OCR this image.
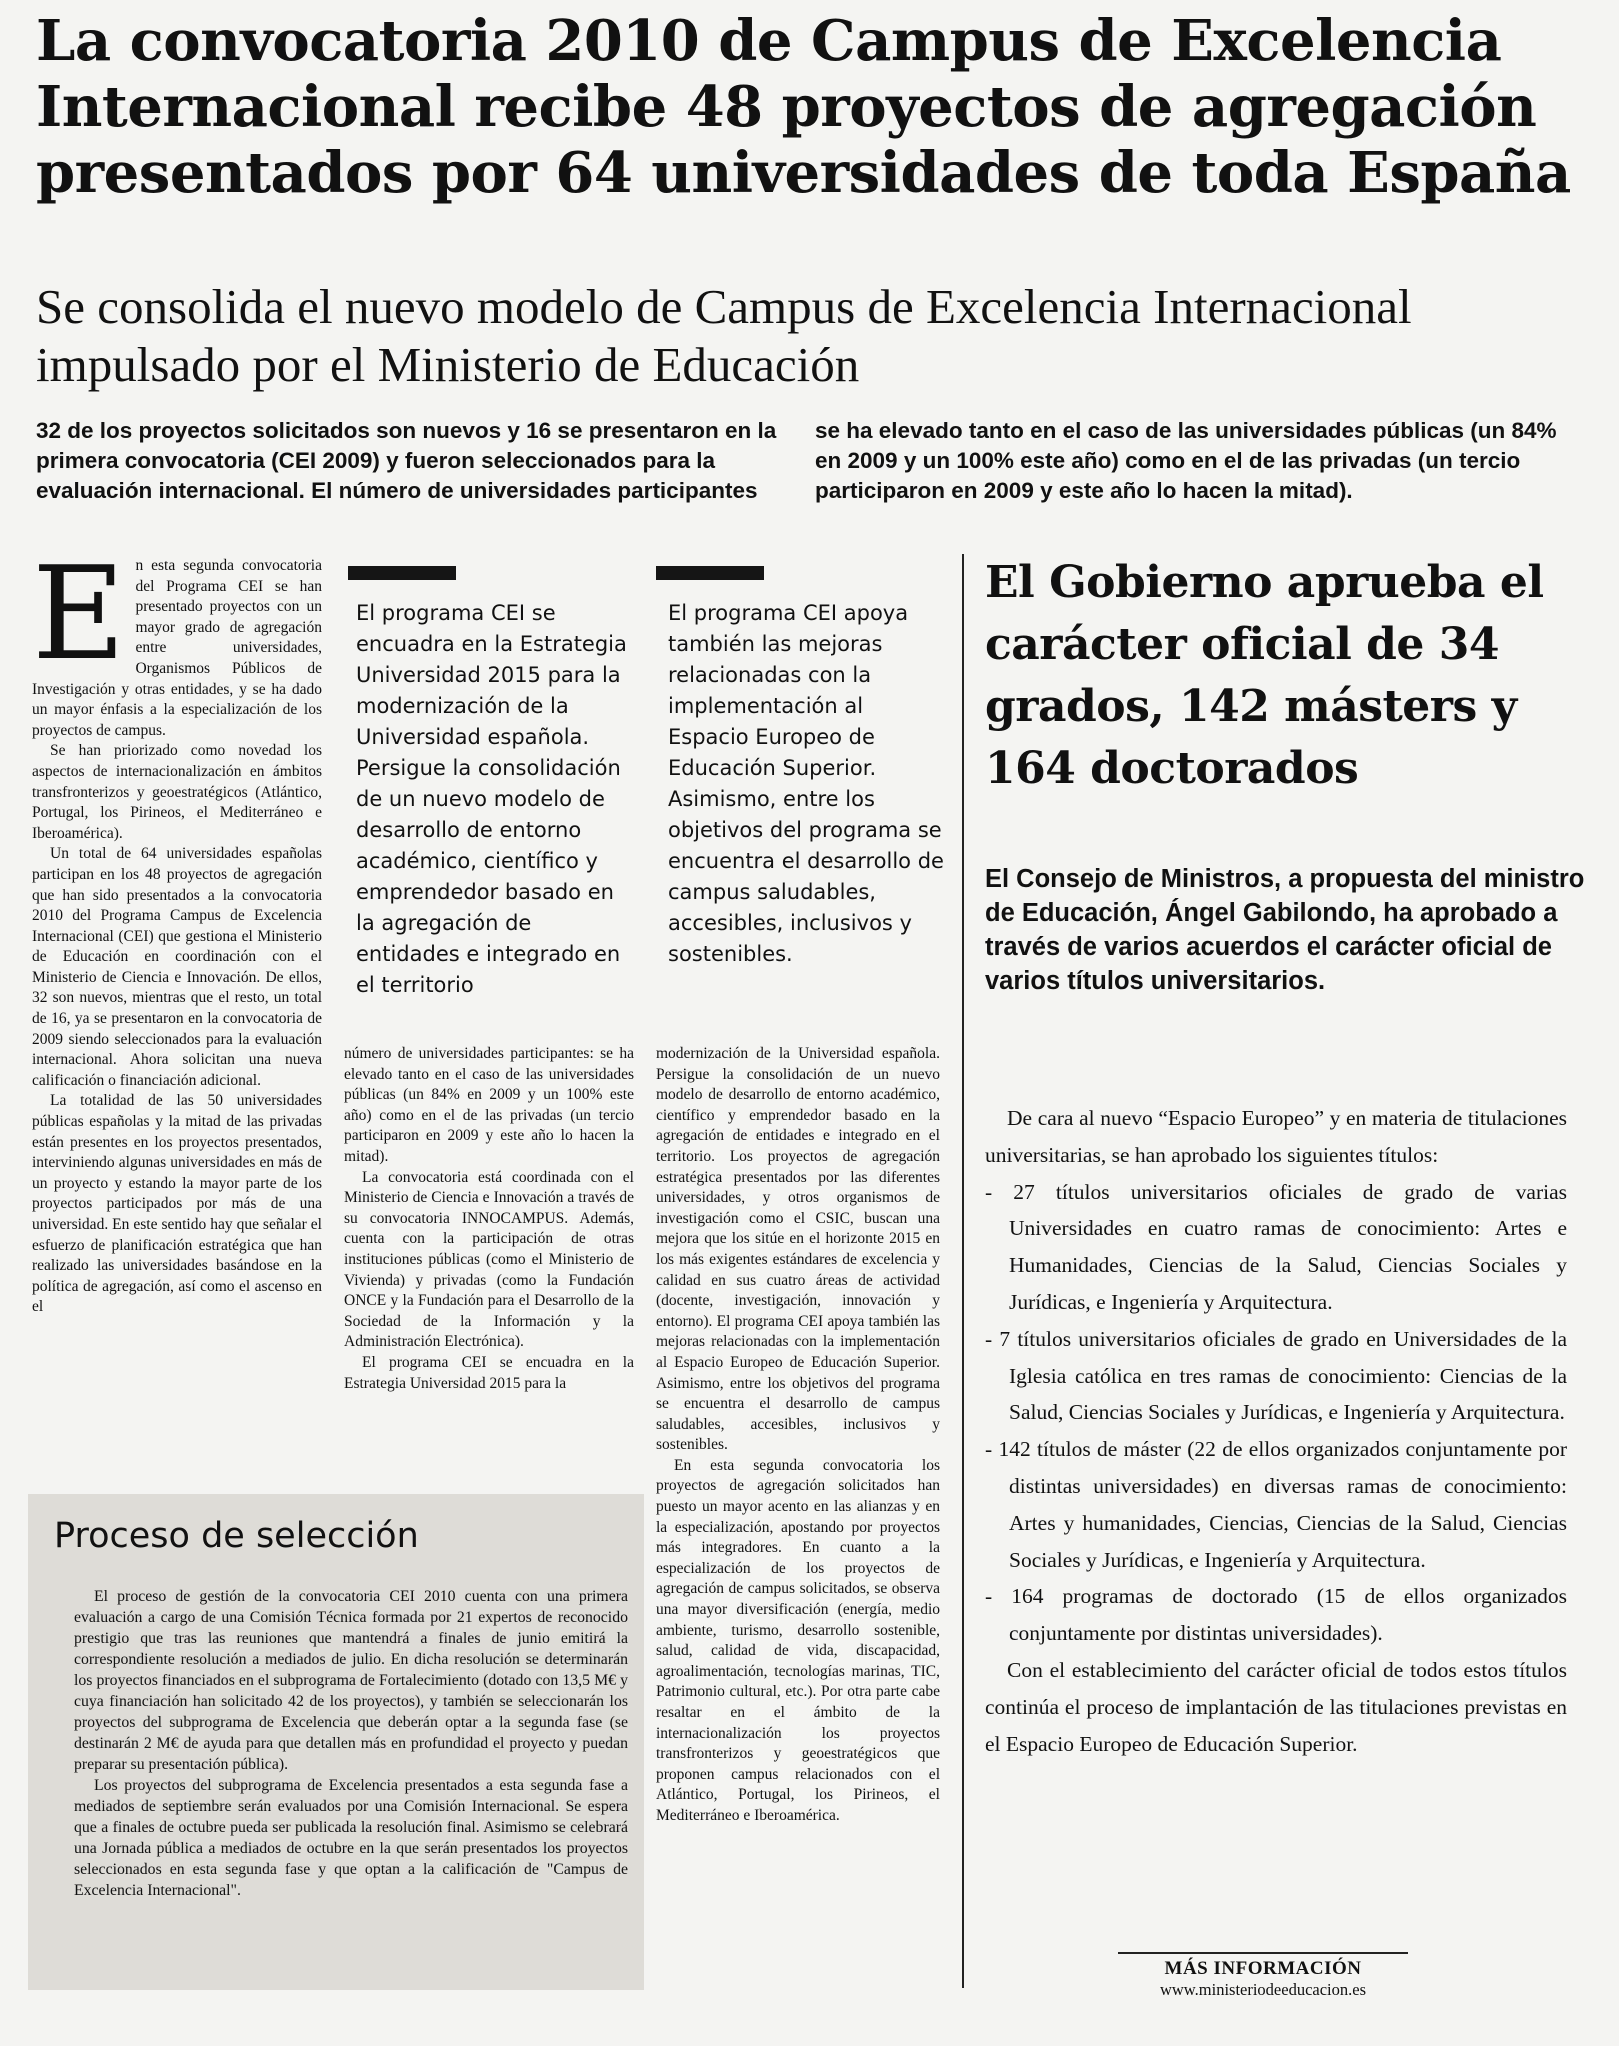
La convocatoria 2010 de Campus de Excelencia Internacional recibe 48 proyectos de agregación presentados por 64 universidades de toda España
Se consolida el nuevo modelo de Campus de Excelencia Internacional impulsado por el Ministerio de Educación

32 de los proyectos solicitados son nuevos y 16 se presentaron en la primera convocatoria (CEI 2009) y fueron seleccionados para la evaluación internacional. El número de universidades participantes

se ha elevado tanto en el caso de las universidades públicas (un 84% en 2009 y un 100% este año) como en el de las privadas (un tercio participaron en 2009 y este año lo hacen la mitad).

E n esta segunda convocatoria del Programa CEI se han presentado proyectos con un mayor grado de agregación entre universidades, Organismos Públicos de Investigación y otras entidades, y se ha dado un mayor énfasis a la especialización de los proyectos de campus.

Se han priorizado como novedad los aspectos de internacionalización en ámbitos transfronterizos y geoestratégicos (Atlántico, Portugal, los Pirineos, el Mediterráneo e Iberoamérica).

Un total de 64 universidades españolas participan en los 48 proyectos de agregación que han sido presentados a la convocatoria 2010 del Programa Campus de Excelencia Internacional (CEI) que gestiona el Ministerio de Educación en coordinación con el Ministerio de Ciencia e Innovación. De ellos, 32 son nuevos, mientras que el resto, un total de 16, ya se presentaron en la convocatoria de 2009 siendo seleccionados para la evaluación internacional. Ahora solicitan una nueva calificación o financiación adicional.

La totalidad de las 50 universidades públicas españolas y la mitad de las privadas están presentes en los proyectos presentados, interviniendo algunas universidades en más de un proyecto y estando la mayor parte de los proyectos participados por más de una universidad. En este sentido hay que señalar el esfuerzo de planificación estratégica que han realizado las universidades basándose en la política de agregación, así como el ascenso en el

El programa CEI se encuadra en la Estrategia Universidad 2015 para la modernización de la Universidad española. Persigue la consolidación de un nuevo modelo de desarrollo de entorno académico, científico y emprendedor basado en la agregación de entidades e integrado en el territorio

El programa CEI apoya también las mejoras relacionadas con la implementación al Espacio Europeo de Educación Superior. Asimismo, entre los objetivos del programa se encuentra el desarrollo de campus saludables, accesibles, inclusivos y sostenibles.

número de universidades participantes: se ha elevado tanto en el caso de las universidades públicas (un 84% en 2009 y un 100% este año) como en el de las privadas (un tercio participaron en 2009 y este año lo hacen la mitad).

La convocatoria está coordinada con el Ministerio de Ciencia e Innovación a través de su convocatoria INNOCAMPUS. Además, cuenta con la participación de otras instituciones públicas (como el Ministerio de Vivienda) y privadas (como la Fundación ONCE y la Fundación para el Desarrollo de la Sociedad de la Información y la Administración Electrónica).

El programa CEI se encuadra en la Estrategia Universidad 2015 para la

modernización de la Universidad española. Persigue la consolidación de un nuevo modelo de desarrollo de entorno académico, científico y emprendedor basado en la agregación de entidades e integrado en el territorio. Los proyectos de agregación estratégica presentados por las diferentes universidades, y otros organismos de investigación como el CSIC, buscan una mejora que los sitúe en el horizonte 2015 en los más exigentes estándares de excelencia y calidad en sus cuatro áreas de actividad (docente, investigación, innovación y entorno). El programa CEI apoya también las mejoras relacionadas con la implementación al Espacio Europeo de Educación Superior. Asimismo, entre los objetivos del programa se encuentra el desarrollo de campus saludables, accesibles, inclusivos y sostenibles.

En esta segunda convocatoria los proyectos de agregación solicitados han puesto un mayor acento en las alianzas y en la especialización, apostando por proyectos más integradores. En cuanto a la especialización de los proyectos de agregación de campus solicitados, se observa una mayor diversificación (energía, medio ambiente, turismo, desarrollo sostenible, salud, calidad de vida, discapacidad, agroalimentación, tecnologías marinas, TIC, Patrimonio cultural, etc.). Por otra parte cabe resaltar en el ámbito de la internacionalización los proyectos transfronterizos y geoestratégicos que proponen campus relacionados con el Atlántico, Portugal, los Pirineos, el Mediterráneo e Iberoamérica.

Proceso de selección

El proceso de gestión de la convocatoria CEI 2010 cuenta con una primera evaluación a cargo de una Comisión Técnica formada por 21 expertos de reconocido prestigio que tras las reuniones que mantendrá a finales de junio emitirá la correspondiente resolución a mediados de julio. En dicha resolución se determinarán los proyectos financiados en el subprograma de Fortalecimiento (dotado con 13,5 M€ y cuya financiación han solicitado 42 de los proyectos), y también se seleccionarán los proyectos del subprograma de Excelencia que deberán optar a la segunda fase (se destinarán 2 M€ de ayuda para que detallen más en profundidad el proyecto y puedan preparar su presentación pública).

Los proyectos del subprograma de Excelencia presentados a esta segunda fase a mediados de septiembre serán evaluados por una Comisión Internacional. Se espera que a finales de octubre pueda ser publicada la resolución final. Asimismo se celebrará una Jornada pública a mediados de octubre en la que serán presentados los proyectos seleccionados en esta segunda fase y que optan a la calificación de "Campus de Excelencia Internacional".

El Gobierno aprueba el carácter oficial de 34 grados, 142 másters y 164 doctorados

El Consejo de Ministros, a propuesta del ministro de Educación, Ángel Gabilondo, ha aprobado a través de varios acuerdos el carácter oficial de varios títulos universitarios.

De cara al nuevo “Espacio Europeo” y en materia de titulaciones universitarias, se han aprobado los siguientes títulos:

- 27 títulos universitarios oficiales de grado de varias Universidades en cuatro ramas de conocimiento: Artes e Humanidades, Ciencias de la Salud, Ciencias Sociales y Jurídicas, e Ingeniería y Arquitectura.

- 7 títulos universitarios oficiales de grado en Universidades de la Iglesia católica en tres ramas de conocimiento: Ciencias de la Salud, Ciencias Sociales y Jurídicas, e Ingeniería y Arquitectura.

- 142 títulos de máster (22 de ellos organizados conjuntamente por distintas universidades) en diversas ramas de conocimiento: Artes y humanidades, Ciencias, Ciencias de la Salud, Ciencias Sociales y Jurídicas, e Ingeniería y Arquitectura.

- 164 programas de doctorado (15 de ellos organizados conjuntamente por distintas universidades).

Con el establecimiento del carácter oficial de todos estos títulos continúa el proceso de implantación de las titulaciones previstas en el Espacio Europeo de Educación Superior.

MÁS INFORMACIÓN

www.ministeriodeeducacion.es
